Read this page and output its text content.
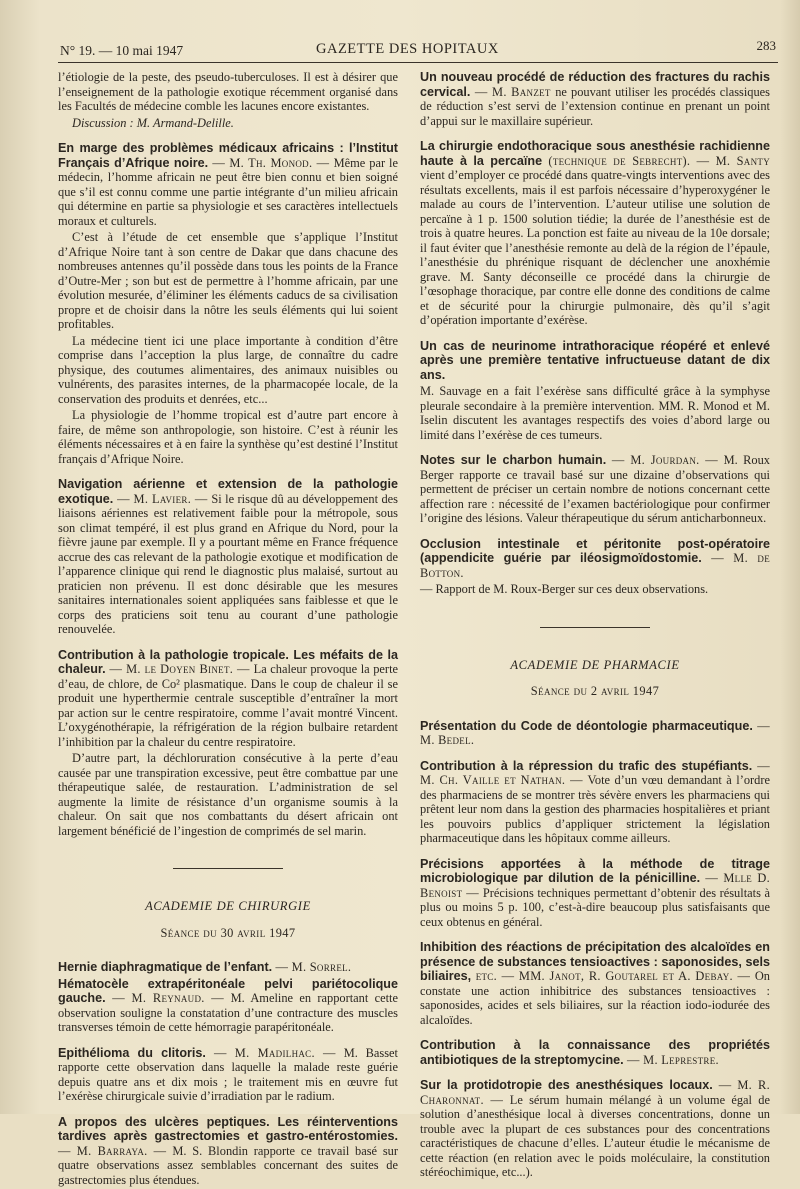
N° 19. — 10 mai 1947	GAZETTE DES HOPITAUX	283

l’étiologie de la peste, des pseudo-tuberculoses. Il est à désirer que l’enseignement de la pathologie exotique récemment organisé dans les Facultés de médecine comble les lacunes encore existantes.

Discussion : M. Armand-Delille.

En marge des problèmes médicaux africains : l’Institut Français d’Afrique noire. — M. Th. Monod. — Même par le médecin, l’homme africain ne peut être bien connu et bien soigné que s’il est connu comme une partie intégrante d’un milieu africain qui détermine en partie sa physiologie et ses caractères intellectuels moraux et culturels.

C’est à l’étude de cet ensemble que s’applique l’Institut d’Afrique Noire tant à son centre de Dakar que dans chacune des nombreuses antennes qu’il possède dans tous les points de la France d’Outre-Mer ; son but est de permettre à l’homme africain, par une évolution mesurée, d’éliminer les éléments caducs de sa civilisation propre et de choisir dans la nôtre les seuls éléments qui lui soient profitables.

La médecine tient ici une place importante à condition d’être comprise dans l’acception la plus large, de connaître du cadre physique, des coutumes alimentaires, des animaux nuisibles ou vulnérents, des parasites internes, de la pharmacopée locale, de la conservation des produits et denrées, etc...

La physiologie de l’homme tropical est d’autre part encore à faire, de même son anthropologie, son histoire. C’est à réunir les éléments nécessaires et à en faire la synthèse qu’est destiné l’Institut français d’Afrique Noire.

Navigation aérienne et extension de la pathologie exotique. — M. Lavier. — Si le risque dû au développement des liaisons aériennes est relativement faible pour la métropole, sous son climat tempéré, il est plus grand en Afrique du Nord, pour la fièvre jaune par exemple. Il y a pourtant même en France fréquence accrue des cas relevant de la pathologie exotique et modification de l’apparence clinique qui rend le diagnostic plus malaisé, surtout au praticien non prévenu. Il est donc désirable que les mesures sanitaires internationales soient appliquées sans faiblesse et que le corps des praticiens soit tenu au courant d’une pathologie renouvelée.

Contribution à la pathologie tropicale. Les méfaits de la chaleur. — M. le Doyen Binet. — La chaleur provoque la perte d’eau, de chlore, de Co² plasmatique. Dans le coup de chaleur il se produit une hyperthermie centrale susceptible d’entraîner la mort par action sur le centre respiratoire, comme l’avait montré Vincent. L’oxygénothérapie, la réfrigération de la région bulbaire retardent l’inhibition par la chaleur du centre respiratoire.

D’autre part, la déchloruration consécutive à la perte d’eau causée par une transpiration excessive, peut être combattue par une thérapeutique salée, de restauration. L’administration de sel augmente la limite de résistance d’un organisme soumis à la chaleur. On sait que nos combattants du désert africain ont largement bénéficié de l’ingestion de comprimés de sel marin.

ACADEMIE DE CHIRURGIE
Séance du 30 avril 1947

Hernie diaphragmatique de l’enfant. — M. Sorrel.

Hématocèle extrapéritonéale pelvi pariétocolique gauche. — M. Reynaud. — M. Ameline en rapportant cette observation souligne la constatation d’une contracture des muscles transverses témoin de cette hémorragie parapéritonéale.

Epithélioma du clitoris. — M. Madilhac. — M. Basset rapporte cette observation dans laquelle la malade reste guérie depuis quatre ans et dix mois ; le traitement mis en œuvre fut l’exérèse chirurgicale suivie d’irradiation par le radium.

A propos des ulcères peptiques. Les réinterventions tardives après gastrectomies et gastro-entérostomies. — M. Barraya. — M. S. Blondin rapporte ce travail basé sur quatre observations assez semblables concernant des suites de gastrectomies plus étendues.

Un nouveau procédé de réduction des fractures du rachis cervical. — M. Banzet ne pouvant utiliser les procédés classiques de réduction s’est servi de l’extension continue en prenant un point d’appui sur le maxillaire supérieur.

La chirurgie endothoracique sous anesthésie rachidienne haute à la percaïne (technique de Sebrecht). — M. Santy vient d’employer ce procédé dans quatre-vingts interventions avec des résultats excellents, mais il est parfois nécessaire d’hyperoxygéner le malade au cours de l’intervention. L’auteur utilise une solution de percaïne à 1 p. 1500 solution tiédie; la durée de l’anesthésie est de trois à quatre heures. La ponction est faite au niveau de la 10e dorsale; il faut éviter que l’anesthésie remonte au delà de la région de l’épaule, l’anesthésie du phrénique risquant de déclencher une anoxhémie grave. M. Santy déconseille ce procédé dans la chirurgie de l’œsophage thoracique, par contre elle donne des conditions de calme et de sécurité pour la chirurgie pulmonaire, dès qu’il s’agit d’opération importante d’exérèse.

Un cas de neurinome intrathoracique réopéré et enlevé après une première tentative infructueuse datant de dix ans.

M. Sauvage en a fait l’exérèse sans difficulté grâce à la symphyse pleurale secondaire à la première intervention. MM. R. Monod et M. Iselin discutent les avantages respectifs des voies d’abord large ou limité dans l’exérèse de ces tumeurs.

Notes sur le charbon humain. — M. Jourdan. — M. Roux Berger rapporte ce travail basé sur une dizaine d’observations qui permettent de préciser un certain nombre de notions concernant cette affection rare : nécessité de l’examen bactériologique pour confirmer l’origine des lésions. Valeur thérapeutique du sérum anticharbonneux.

Occlusion intestinale et péritonite post-opératoire (appendicite guérie par iléosigmoïdostomie. — M. de Botton.

— Rapport de M. Roux-Berger sur ces deux observations.

ACADEMIE DE PHARMACIE
Séance du 2 avril 1947

Présentation du Code de déontologie pharmaceutique. — M. Bedel.

Contribution à la répression du trafic des stupéfiants. — M. Ch. Vaille et Nathan. — Vote d’un vœu demandant à l’ordre des pharmaciens de se montrer très sévère envers les pharmaciens qui prêtent leur nom dans la gestion des pharmacies hospitalières et priant les pouvoirs publics d’appliquer strictement la législation pharmaceutique dans les hôpitaux comme ailleurs.

Précisions apportées à la méthode de titrage microbiologique par dilution de la pénicilline. — Mlle D. Benoist — Précisions techniques permettant d’obtenir des résultats à plus ou moins 5 p. 100, c’est-à-dire beaucoup plus satisfaisants que ceux obtenus en général.

Inhibition des réactions de précipitation des alcaloïdes en présence de substances tensioactives : saponosides, sels biliaires, etc. — MM. Janot, R. Goutarel et A. Debay. — On constate une action inhibitrice des substances tensioactives : saponosides, acides et sels biliaires, sur la réaction iodo-iodurée des alcaloïdes.

Contribution à la connaissance des propriétés antibiotiques de la streptomycine. — M. Leprestre.

Sur la protidotropie des anesthésiques locaux. — M. R. Charonnat. — Le sérum humain mélangé à un volume égal de solution d’anesthésique local à diverses concentrations, donne un trouble avec la plupart de ces substances pour des concentrations caractéristiques de chacune d’elles. L’auteur étudie le mécanisme de cette réaction (en relation avec le poids moléculaire, la constitution stéréochimique, etc...).
